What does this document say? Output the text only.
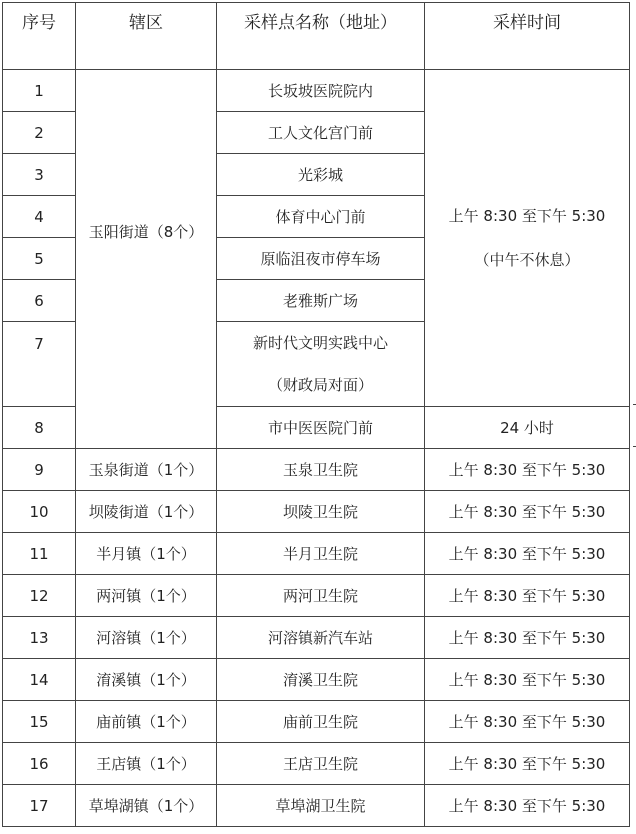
序号	辖区	采样点名称（地址）	采样时间
1	玉阳街道（8个）	长坂坡医院院内	上午 8:30 至下午 5:30
（中午不休息）

2		工人文化宫门前	
3		光彩城	
4		体育中心门前	
5		原临沮夜市停车场	
6		老雅斯广场	
7		新时代文明实践中心
（财政局对面）	

8		市中医医院门前	24 小时
9	玉泉街道（1个）	玉泉卫生院	上午 8:30 至下午 5:30
10	坝陵街道（1个）	坝陵卫生院	上午 8:30 至下午 5:30
11	半月镇（1个）	半月卫生院	上午 8:30 至下午 5:30
12	两河镇（1个）	两河卫生院	上午 8:30 至下午 5:30
13	河溶镇（1个）	河溶镇新汽车站	上午 8:30 至下午 5:30
14	淯溪镇（1个）	淯溪卫生院	上午 8:30 至下午 5:30
15	庙前镇（1个）	庙前卫生院	上午 8:30 至下午 5:30
16	王店镇（1个）	王店卫生院	上午 8:30 至下午 5:30
17	草埠湖镇（1个）	草埠湖卫生院	上午 8:30 至下午 5:30
